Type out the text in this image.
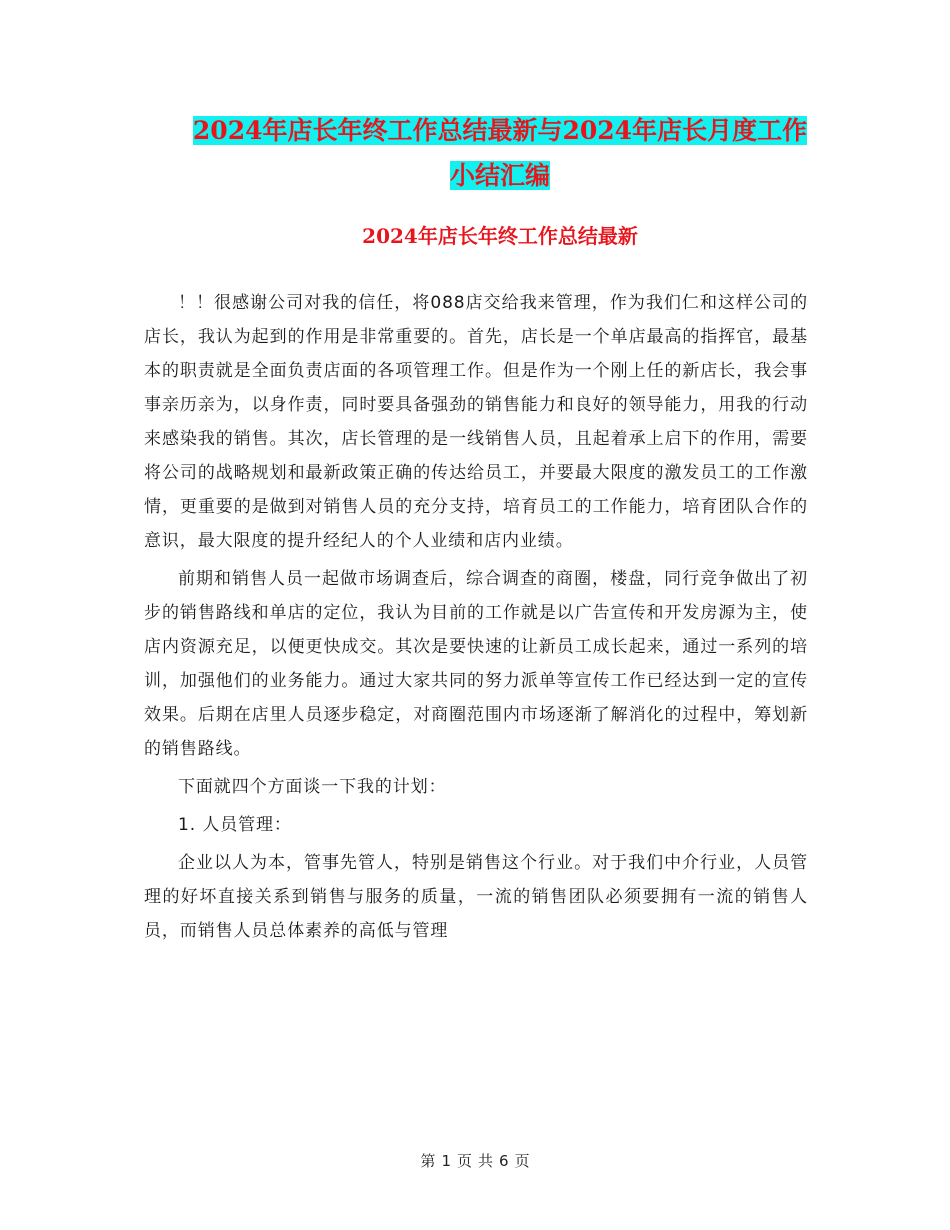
2024年店长年终工作总结最新与2024年店长月度工作
小结汇编
2024年店长年终工作总结最新

！！很感谢公司对我的信任，将088店交给我来管理，作为我们仁和这样公司的店长，我认为起到的作用是非常重要的。首先，店长是一个单店最高的指挥官，最基本的职责就是全面负责店面的各项管理工作。但是作为一个刚上任的新店长，我会事事亲历亲为，以身作责，同时要具备强劲的销售能力和良好的领导能力，用我的行动来感染我的销售。其次，店长管理的是一线销售人员，且起着承上启下的作用，需要将公司的战略规划和最新政策正确的传达给员工，并要最大限度的激发员工的工作激情，更重要的是做到对销售人员的充分支持，培育员工的工作能力，培育团队合作的意识，最大限度的提升经纪人的个人业绩和店内业绩。

前期和销售人员一起做市场调查后，综合调查的商圈，楼盘，同行竞争做出了初步的销售路线和单店的定位，我认为目前的工作就是以广告宣传和开发房源为主，使店内资源充足，以便更快成交。其次是要快速的让新员工成长起来，通过一系列的培训，加强他们的业务能力。通过大家共同的努力派单等宣传工作已经达到一定的宣传效果。后期在店里人员逐步稳定，对商圈范围内市场逐渐了解消化的过程中，筹划新的销售路线。

下面就四个方面谈一下我的计划：

1. 人员管理：

企业以人为本，管事先管人，特别是销售这个行业。对于我们中介行业，人员管理的好坏直接关系到销售与服务的质量，一流的销售团队必须要拥有一流的销售人员，而销售人员总体素养的高低与管理

第 1 页 共 6 页
